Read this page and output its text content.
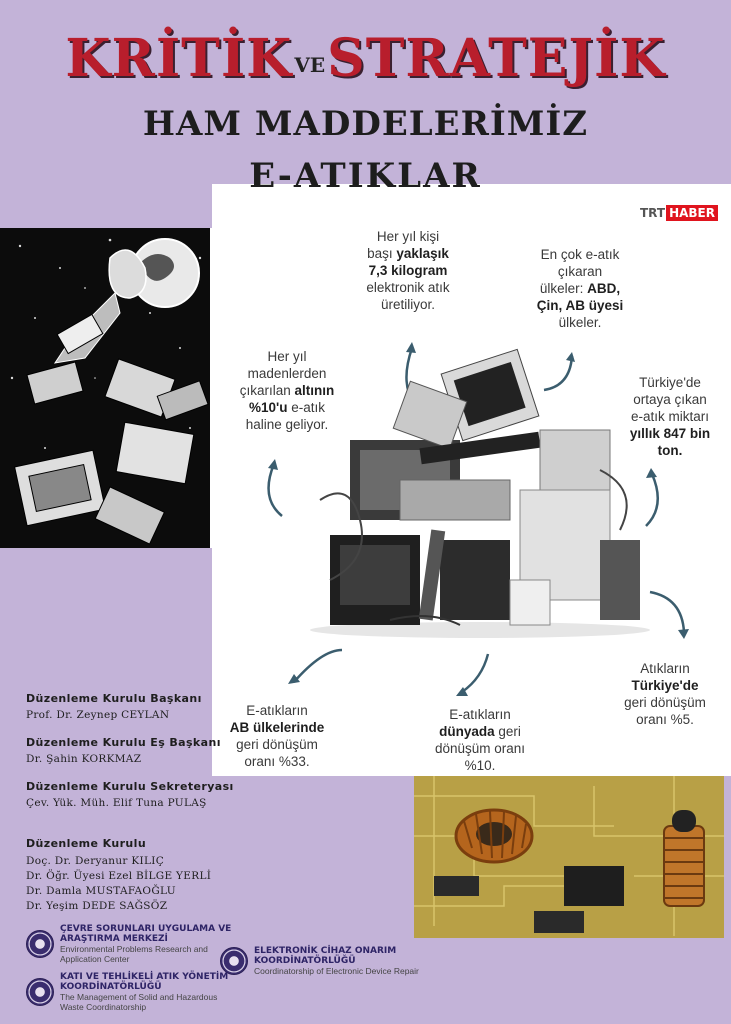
KRİTİK VESTRATEJİK
HAM MADDELERİMİZ
E-ATIKLAR
TRT HABER
Her yıl kişi
başı yaklaşık
7,3 kilogram
elektronik atık
üretiliyor.
En çok e-atık
çıkaran
ülkeler: ABD,
Çin, AB üyesi
ülkeler.
Her yıl
madenlerden
çıkarılan altının
%10'u e-atık
haline geliyor.
Türkiye'de
ortaya çıkan
e-atık miktarı
yıllık 847 bin
ton.
E-atıkların
AB ülkelerinde
geri dönüşüm
oranı %33.
E-atıkların
dünyada geri
dönüşüm oranı
%10.
Atıkların
Türkiye'de
geri dönüşüm
oranı %5.
Düzenleme Kurulu Başkanı
Prof. Dr. Zeynep CEYLAN
Düzenleme Kurulu Eş Başkanı
Dr. Şahin KORKMAZ
Düzenleme Kurulu Sekreteryası
Çev. Yük. Müh. Elif Tuna PULAŞ
Düzenleme Kurulu
Doç. Dr. Deryanur KILIÇ
Dr. Öğr. Üyesi Ezel BİLGE YERLİ
Dr. Damla MUSTAFAOĞLU
Dr. Yeşim DEDE SAĞSÖZ
ÇEVRE SORUNLARI UYGULAMA VE
ARAŞTIRMA MERKEZİ
Environmental Problems Research and
Application Center
ELEKTRONİK CİHAZ ONARIM
KOORDİNATÖRLÜĞÜ
Coordinatorship of Electronic Device Repair
KATI VE TEHLİKELİ ATIK YÖNETİM
KOORDİNATÖRLÜĞÜ
The Management of Solid and Hazardous
Waste Coordinatorship
